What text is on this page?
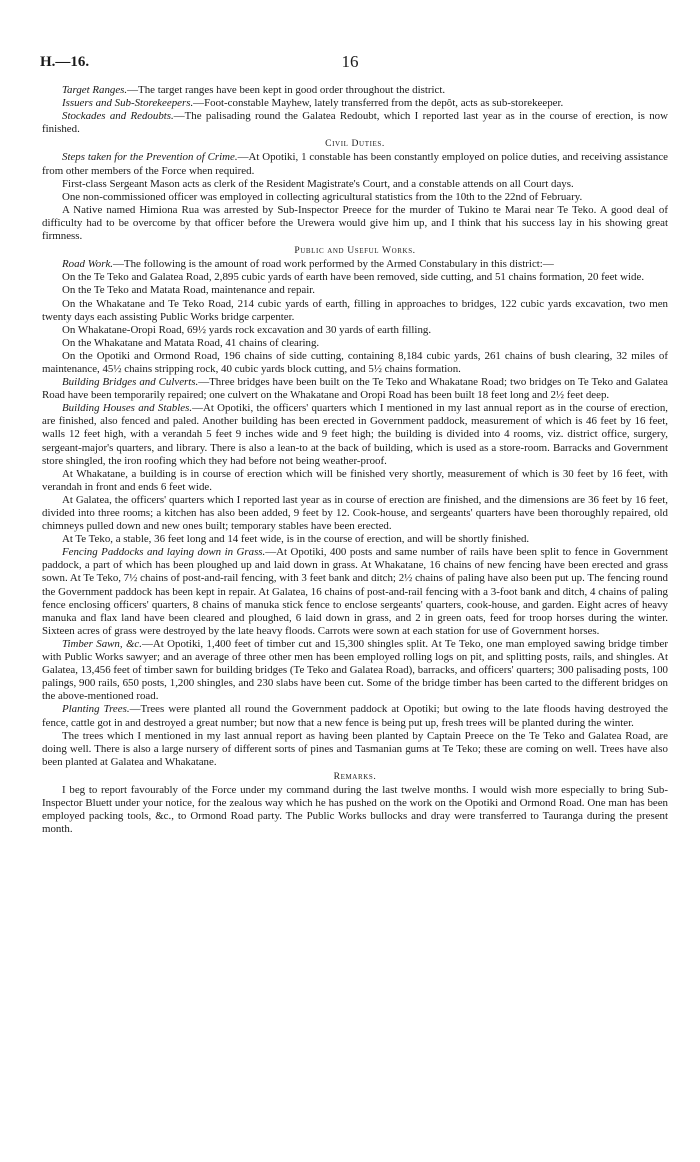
H.—16.	16

Target Ranges.—The target ranges have been kept in good order throughout the district.

Issuers and Sub-Storekeepers.—Foot-constable Mayhew, lately transferred from the depôt, acts as sub-storekeeper.

Stockades and Redoubts.—The palisading round the Galatea Redoubt, which I reported last year as in the course of erection, is now finished.

Civil Duties.

Steps taken for the Prevention of Crime.—At Opotiki, 1 constable has been constantly employed on police duties, and receiving assistance from other members of the Force when required.

First-class Sergeant Mason acts as clerk of the Resident Magistrate's Court, and a constable attends on all Court days.

One non-commissioned officer was employed in collecting agricultural statistics from the 10th to the 22nd of February.

A Native named Himiona Rua was arrested by Sub-Inspector Preece for the murder of Tukino te Marai near Te Teko. A good deal of difficulty had to be overcome by that officer before the Urewera would give him up, and I think that his success lay in his showing great firmness.

Public and Useful Works.

Road Work.—The following is the amount of road work performed by the Armed Constabulary in this district:—

On the Te Teko and Galatea Road, 2,895 cubic yards of earth have been removed, side cutting, and 51 chains formation, 20 feet wide.

On the Te Teko and Matata Road, maintenance and repair.

On the Whakatane and Te Teko Road, 214 cubic yards of earth, filling in approaches to bridges, 122 cubic yards excavation, two men twenty days each assisting Public Works bridge carpenter.

On Whakatane-Oropi Road, 69½ yards rock excavation and 30 yards of earth filling.

On the Whakatane and Matata Road, 41 chains of clearing.

On the Opotiki and Ormond Road, 196 chains of side cutting, containing 8,184 cubic yards, 261 chains of bush clearing, 32 miles of maintenance, 45½ chains stripping rock, 40 cubic yards block cutting, and 5½ chains formation.

Building Bridges and Culverts.—Three bridges have been built on the Te Teko and Whakatane Road; two bridges on Te Teko and Galatea Road have been temporarily repaired; one culvert on the Whakatane and Oropi Road has been built 18 feet long and 2½ feet deep.

Building Houses and Stables.—At Opotiki, the officers' quarters which I mentioned in my last annual report as in the course of erection, are finished, also fenced and paled. Another building has been erected in Government paddock, measurement of which is 46 feet by 16 feet, walls 12 feet high, with a verandah 5 feet 9 inches wide and 9 feet high; the building is divided into 4 rooms, viz. district office, surgery, sergeant-major's quarters, and library. There is also a lean-to at the back of building, which is used as a store-room. Barracks and Government store shingled, the iron roofing which they had before not being weather-proof.

At Whakatane, a building is in course of erection which will be finished very shortly, measurement of which is 30 feet by 16 feet, with verandah in front and ends 6 feet wide.

At Galatea, the officers' quarters which I reported last year as in course of erection are finished, and the dimensions are 36 feet by 16 feet, divided into three rooms; a kitchen has also been added, 9 feet by 12. Cook-house, and sergeants' quarters have been thoroughly repaired, old chimneys pulled down and new ones built; temporary stables have been erected.

At Te Teko, a stable, 36 feet long and 14 feet wide, is in the course of erection, and will be shortly finished.

Fencing Paddocks and laying down in Grass.—At Opotiki, 400 posts and same number of rails have been split to fence in Government paddock, a part of which has been ploughed up and laid down in grass. At Whakatane, 16 chains of new fencing have been erected and grass sown. At Te Teko, 7½ chains of post-and-rail fencing, with 3 feet bank and ditch; 2½ chains of paling have also been put up. The fencing round the Government paddock has been kept in repair. At Galatea, 16 chains of post-and-rail fencing with a 3-foot bank and ditch, 4 chains of paling fence enclosing officers' quarters, 8 chains of manuka stick fence to enclose sergeants' quarters, cook-house, and garden. Eight acres of heavy manuka and flax land have been cleared and ploughed, 6 laid down in grass, and 2 in green oats, feed for troop horses during the winter. Sixteen acres of grass were destroyed by the late heavy floods. Carrots were sown at each station for use of Government horses.

Timber Sawn, &c.—At Opotiki, 1,400 feet of timber cut and 15,300 shingles split. At Te Teko, one man employed sawing bridge timber with Public Works sawyer; and an average of three other men has been employed rolling logs on pit, and splitting posts, rails, and shingles. At Galatea, 13,456 feet of timber sawn for building bridges (Te Teko and Galatea Road), barracks, and officers' quarters; 300 palisading posts, 100 palings, 900 rails, 650 posts, 1,200 shingles, and 230 slabs have been cut. Some of the bridge timber has been carted to the different bridges on the above-mentioned road.

Planting Trees.—Trees were planted all round the Government paddock at Opotiki; but owing to the late floods having destroyed the fence, cattle got in and destroyed a great number; but now that a new fence is being put up, fresh trees will be planted during the winter.

The trees which I mentioned in my last annual report as having been planted by Captain Preece on the Te Teko and Galatea Road, are doing well. There is also a large nursery of different sorts of pines and Tasmanian gums at Te Teko; these are coming on well. Trees have also been planted at Galatea and Whakatane.

Remarks.

I beg to report favourably of the Force under my command during the last twelve months. I would wish more especially to bring Sub-Inspector Bluett under your notice, for the zealous way which he has pushed on the work on the Opotiki and Ormond Road. One man has been employed packing tools, &c., to Ormond Road party. The Public Works bullocks and dray were transferred to Tauranga during the present month.
